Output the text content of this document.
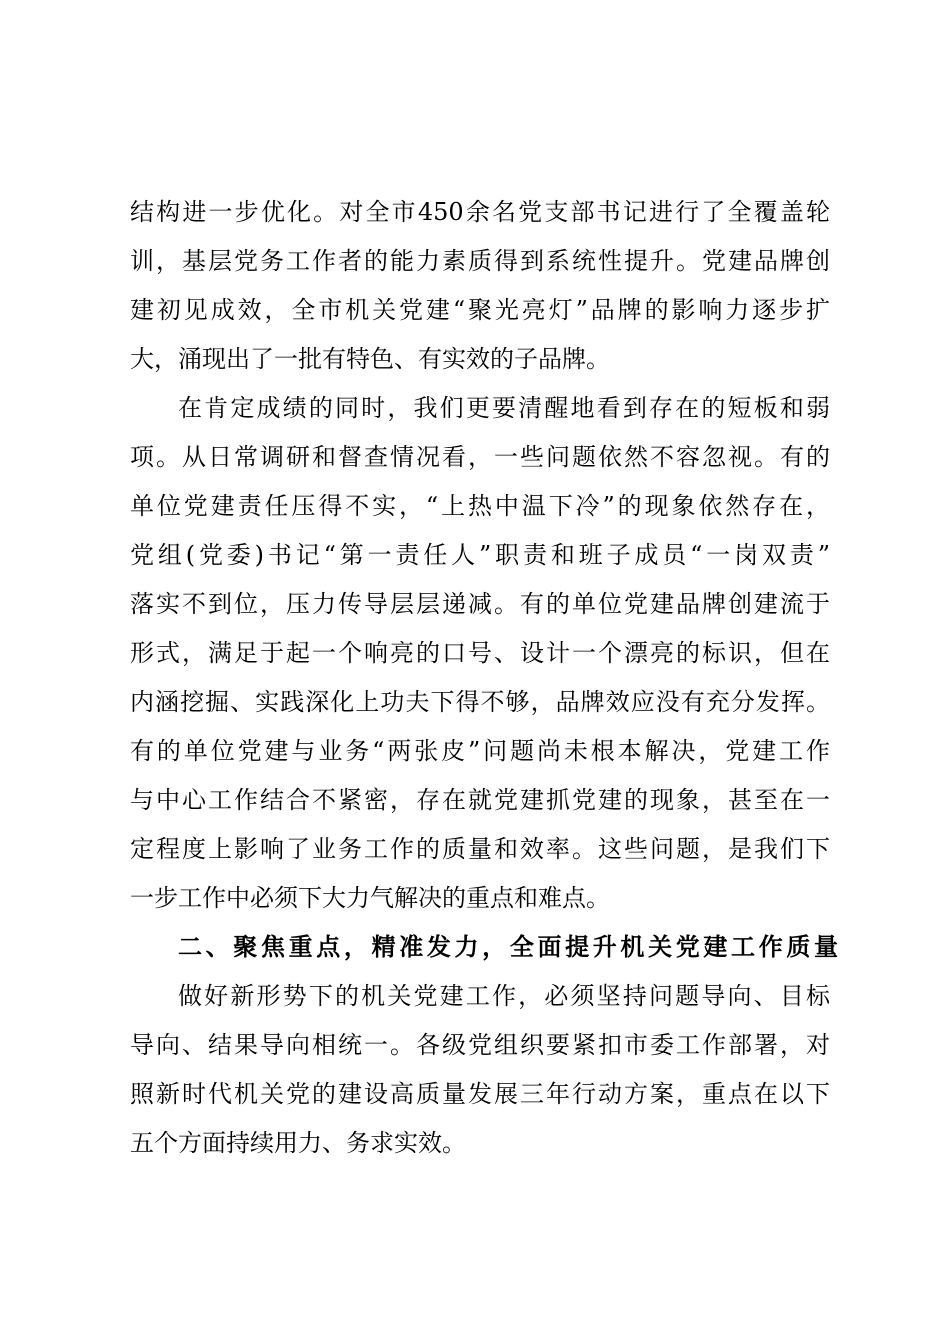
结构进一步优化。对全市450余名党支部书记进行了全覆盖轮
训，基层党务工作者的能力素质得到系统性提升。党建品牌创
建初见成效，全市机关党建“聚光亮灯”品牌的影响力逐步扩
大，涌现出了一批有特色、有实效的子品牌。
在肯定成绩的同时，我们更要清醒地看到存在的短板和弱
项。从日常调研和督查情况看，一些问题依然不容忽视。有的
单位党建责任压得不实，“上热中温下冷”的现象依然存在，
党组(党委)书记“第一责任人”职责和班子成员“一岗双责”
落实不到位，压力传导层层递减。有的单位党建品牌创建流于
形式，满足于起一个响亮的口号、设计一个漂亮的标识，但在
内涵挖掘、实践深化上功夫下得不够，品牌效应没有充分发挥。
有的单位党建与业务“两张皮”问题尚未根本解决，党建工作
与中心工作结合不紧密，存在就党建抓党建的现象，甚至在一
定程度上影响了业务工作的质量和效率。这些问题，是我们下
一步工作中必须下大力气解决的重点和难点。
二、聚焦重点，精准发力，全面提升机关党建工作质量
做好新形势下的机关党建工作，必须坚持问题导向、目标
导向、结果导向相统一。各级党组织要紧扣市委工作部署，对
照新时代机关党的建设高质量发展三年行动方案，重点在以下
五个方面持续用力、务求实效。
